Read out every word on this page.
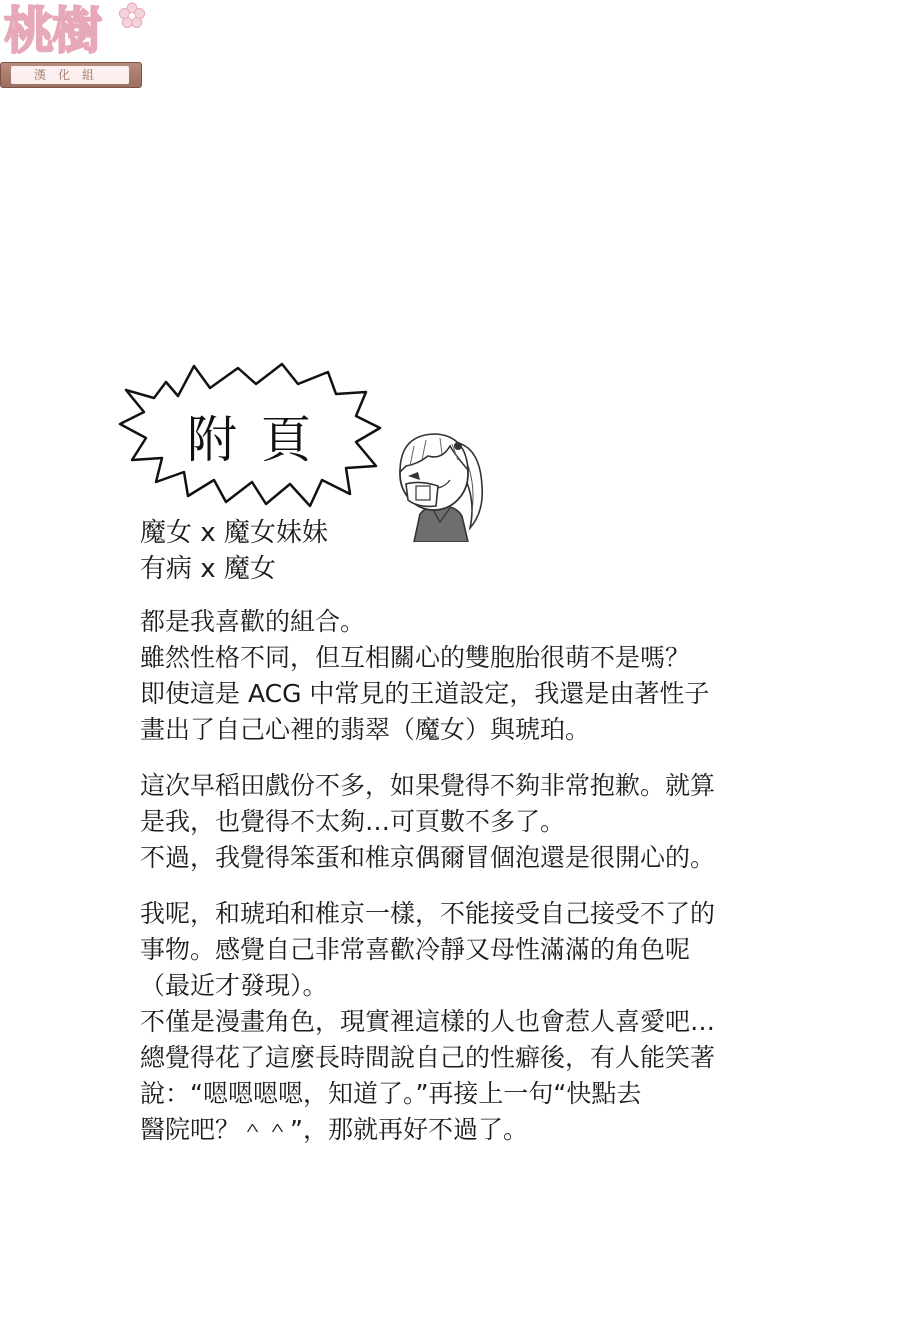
桃樹
漢化組
附頁
魔女 x 魔女妹妹
有病 x 魔女
都是我喜歡的組合。
雖然性格不同，但互相關心的雙胞胎很萌不是嗎？
即使這是 ACG 中常見的王道設定，我還是由著性子
畫出了自己心裡的翡翠（魔女）與琥珀。
這次早稻田戲份不多，如果覺得不夠非常抱歉。就算
是我，也覺得不太夠…可頁數不多了。
不過，我覺得笨蛋和椎京偶爾冒個泡還是很開心的。
我呢，和琥珀和椎京一樣，不能接受自己接受不了的
事物。感覺自己非常喜歡冷靜又母性滿滿的角色呢
（最近才發現）。
不僅是漫畫角色，現實裡這樣的人也會惹人喜愛吧…
總覺得花了這麼長時間說自己的性癖後，有人能笑著
說：“嗯嗯嗯嗯，知道了。”再接上一句“快點去
醫院吧？＾＾”，那就再好不過了。
